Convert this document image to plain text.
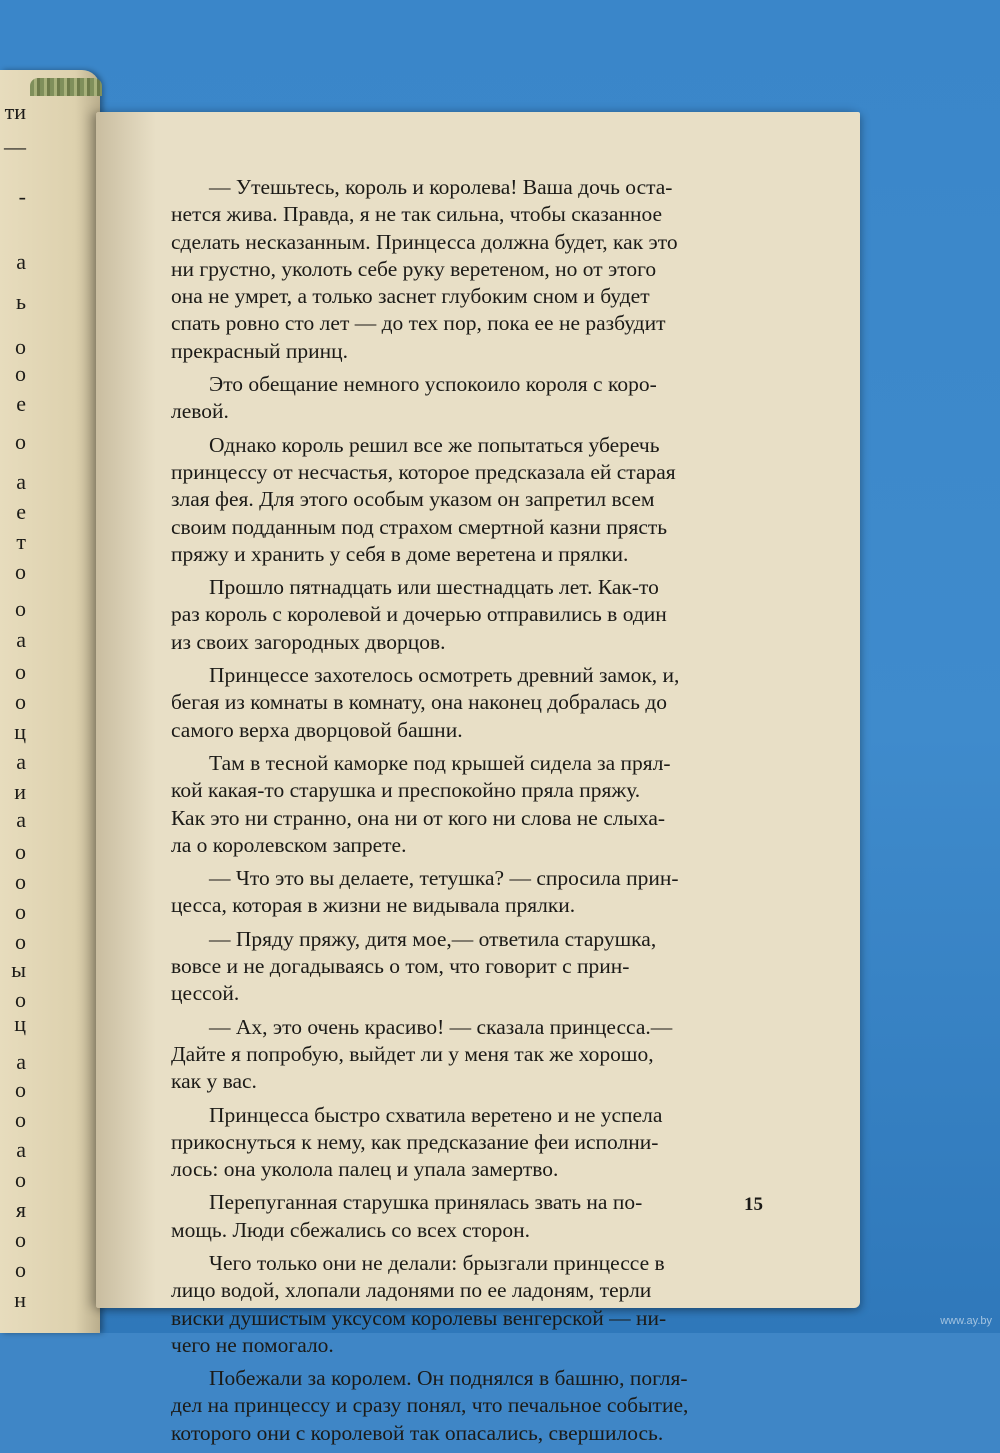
ти
—
-
а
ь
о
о
е
о
а
е
т
о
о
а
о
о
ц
а
и
а
о
о
о
о
ы
о
ц
а
о
о
а
о
я
о
о
н
— Утешьтесь, король и королева! Ваша дочь оста-
нется жива. Правда, я не так сильна, чтобы сказанное
сделать несказанным. Принцесса должна будет, как это
ни грустно, уколоть себе руку веретеном, но от этого
она не умрет, а только заснет глубоким сном и будет
спать ровно сто лет — до тех пор, пока ее не разбудит
прекрасный принц.
Это обещание немного успокоило короля с коро-
левой.
Однако король решил все же попытаться уберечь
принцессу от несчастья, которое предсказала ей старая
злая фея. Для этого особым указом он запретил всем
своим подданным под страхом смертной казни прясть
пряжу и хранить у себя в доме веретена и прялки.
Прошло пятнадцать или шестнадцать лет. Как-то
раз король с королевой и дочерью отправились в один
из своих загородных дворцов.
Принцессе захотелось осмотреть древний замок, и,
бегая из комнаты в комнату, она наконец добралась до
самого верха дворцовой башни.
Там в тесной каморке под крышей сидела за прял-
кой какая-то старушка и преспокойно пряла пряжу.
Как это ни странно, она ни от кого ни слова не слыха-
ла о королевском запрете.
— Что это вы делаете, тетушка? — спросила прин-
цесса, которая в жизни не видывала прялки.
— Пряду пряжу, дитя мое,— ответила старушка,
вовсе и не догадываясь о том, что говорит с прин-
цессой.
— Ах, это очень красиво! — сказала принцесса.—
Дайте я попробую, выйдет ли у меня так же хорошо,
как у вас.
Принцесса быстро схватила веретено и не успела
прикоснуться к нему, как предсказание феи исполни-
лось: она уколола палец и упала замертво.
Перепуганная старушка принялась звать на по-
мощь. Люди сбежались со всех сторон.
Чего только они не делали: брызгали принцессе в
лицо водой, хлопали ладонями по ее ладоням, терли
виски душистым уксусом королевы венгерской — ни-
чего не помогало.
Побежали за королем. Он поднялся в башню, погля-
дел на принцессу и сразу понял, что печальное событие,
которого они с королевой так опасались, свершилось.
15
www.ay.by
